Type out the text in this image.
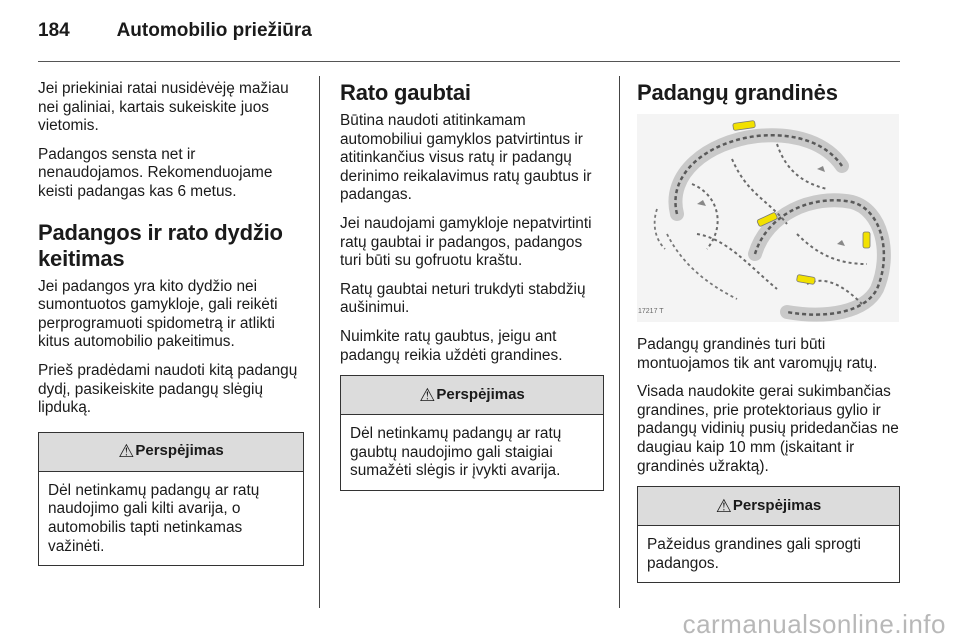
184 Automobilio priežiūra

Jei priekiniai ratai nusidėvėję mažiau nei galiniai, kartais sukeiskite juos vietomis.

Padangos sensta net ir nenaudojamos. Rekomenduojame keisti padangas kas 6 metus.

Padangos ir rato dydžio keitimas

Jei padangos yra kito dydžio nei sumontuotos gamykloje, gali reikėti perprogramuoti spidometrą ir atlikti kitus automobilio pakeitimus.

Prieš pradėdami naudoti kitą padangų dydį, pasikeiskite padangų slėgių lipduką.

⚠ Perspėjimas
Dėl netinkamų padangų ar ratų naudojimo gali kilti avarija, o automobilis tapti netinkamas važinėti.
Rato gaubtai

Būtina naudoti atitinkamam automobiliui gamyklos patvirtintus ir atitinkančius visus ratų ir padangų derinimo reikalavimus ratų gaubtus ir padangas.

Jei naudojami gamykloje nepatvirtinti ratų gaubtai ir padangos, padangos turi būti su gofruotu kraštu.

Ratų gaubtai neturi trukdyti stabdžių aušinimui.

Nuimkite ratų gaubtus, jeigu ant padangų reikia uždėti grandines.

⚠ Perspėjimas
Dėl netinkamų padangų ar ratų gaubtų naudojimo gali staigiai sumažėti slėgis ir įvykti avarija.
Padangų grandinės
17217 T

Padangų grandinės turi būti montuojamos tik ant varomųjų ratų.

Visada naudokite gerai sukimbančias grandines, prie protektoriaus gylio ir padangų vidinių pusių pridedančias ne daugiau kaip 10 mm (įskaitant ir grandinės užraktą).

⚠ Perspėjimas
Pažeidus grandines gali sprogti padangos.
carmanualsonline.info
